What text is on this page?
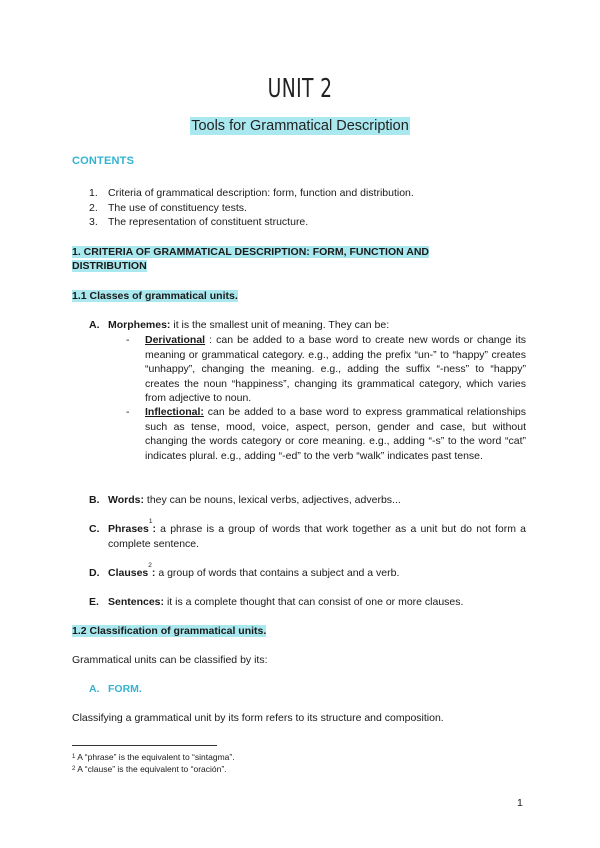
UNIT 2
Tools for Grammatical Description
CONTENTS
1. Criteria of grammatical description: form, function and distribution.
2. The use of constituency tests.
3. The representation of constituent structure.
1. CRITERIA OF GRAMMATICAL DESCRIPTION: FORM, FUNCTION AND
DISTRIBUTION
1.1 Classes of grammatical units.
A. Morphemes: it is the smallest unit of meaning. They can be:
- Derivational : can be added to a base word to create new words or change its meaning or grammatical category. e.g., adding the prefix “un-” to “happy” creates “unhappy”, changing the meaning. e.g., adding the suffix “-ness” to “happy” creates the noun “happiness”, changing its grammatical category, which varies from adjective to noun.
- Inflectional: can be added to a base word to express grammatical relationships such as tense, mood, voice, aspect, person, gender and case, but without changing the words category or core meaning. e.g., adding “-s” to the word “cat” indicates plural. e.g., adding “-ed” to the verb “walk” indicates past tense.
B. Words: they can be nouns, lexical verbs, adjectives, adverbs...
C. Phrases$^1$: a phrase is a group of words that work together as a unit but do not form a complete sentence.
D. Clauses$^2$: a group of words that contains a subject and a verb.
E. Sentences: it is a complete thought that can consist of one or more clauses.
1.2 Classification of grammatical units.
Grammatical units can be classified by its:
A. FORM.
Classifying a grammatical unit by its form refers to its structure and composition.
$^1$ A “phrase” is the equivalent to “sintagma”.
$^2$ A “clause” is the equivalent to “oración”.
1
